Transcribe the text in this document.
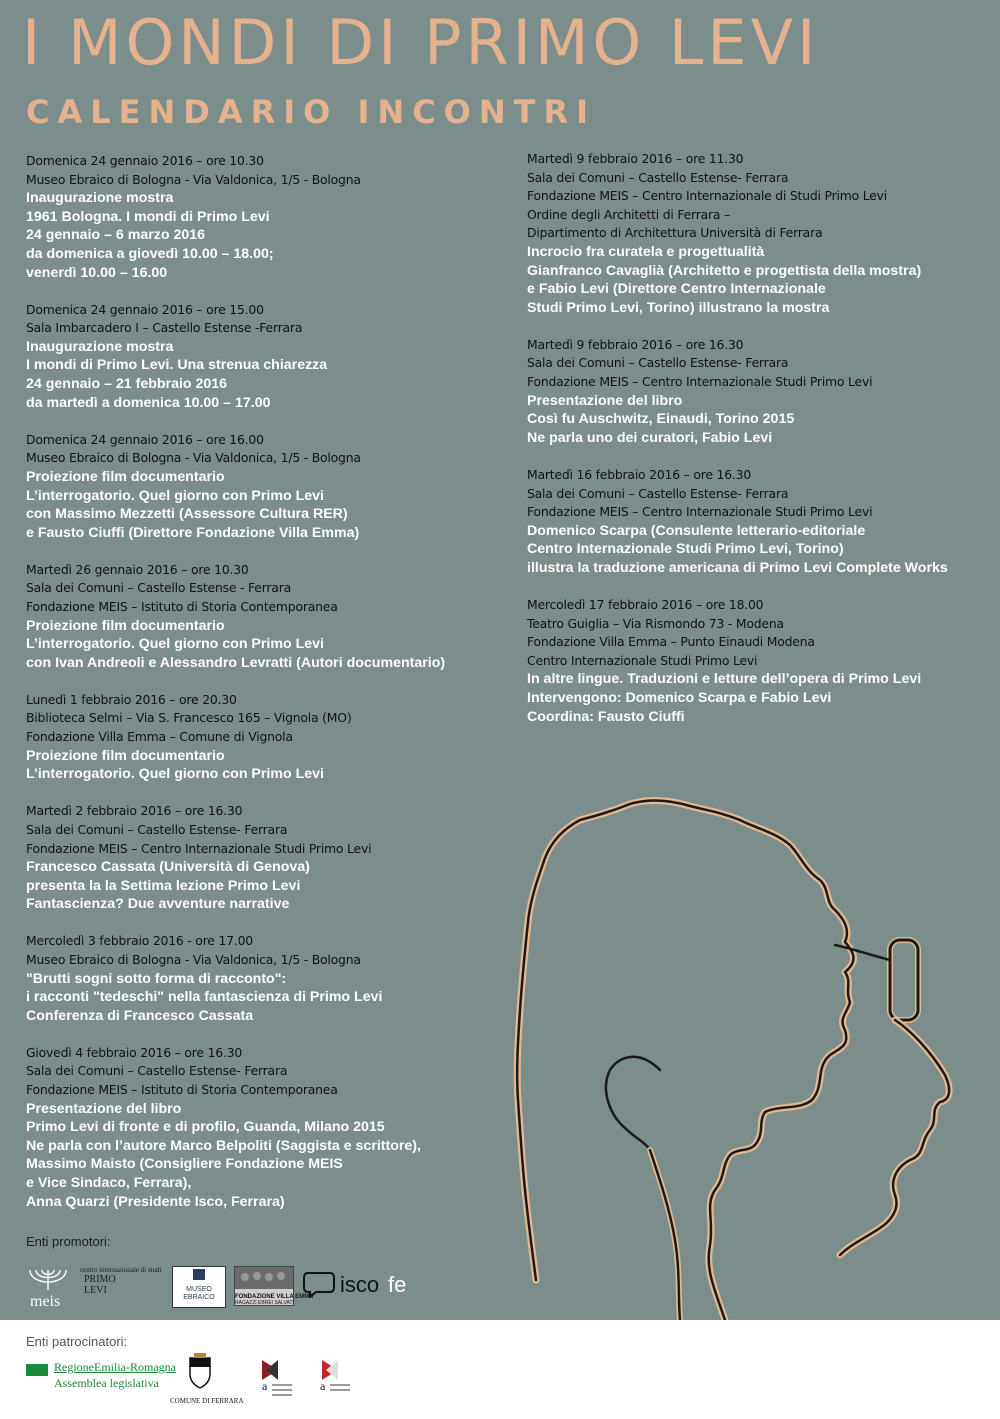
I MONDI DI PRIMO LEVI
CALENDARIO INCONTRI
Domenica 24 gennaio 2016 – ore 10.30
Museo Ebraico di Bologna - Via Valdonica, 1/5 - Bologna
Inaugurazione mostra
1961 Bologna. I mondi di Primo Levi
24 gennaio – 6 marzo 2016
da domenica a giovedì 10.00 – 18.00;
venerdì 10.00 – 16.00
Domenica 24 gennaio 2016 – ore 15.00
Sala Imbarcadero I – Castello Estense -Ferrara
Inaugurazione mostra
I mondi di Primo Levi. Una strenua chiarezza
24 gennaio – 21 febbraio 2016
da martedì a domenica 10.00 – 17.00
Domenica 24 gennaio 2016 – ore 16.00
Museo Ebraico di Bologna - Via Valdonica, 1/5 - Bologna
Proiezione film documentario
L’interrogatorio. Quel giorno con Primo Levi
con Massimo Mezzetti (Assessore Cultura RER)
e Fausto Ciuffi (Direttore Fondazione Villa Emma)
Martedì 26 gennaio 2016 – ore 10.30
Sala dei Comuni – Castello Estense - Ferrara
Fondazione MEIS – Istituto di Storia Contemporanea
Proiezione film documentario
L’interrogatorio. Quel giorno con Primo Levi
con Ivan Andreoli e Alessandro Levratti (Autori documentario)
Lunedì 1 febbraio 2016 – ore 20.30
Biblioteca Selmi – Via S. Francesco 165 – Vignola (MO)
Fondazione Villa Emma – Comune di Vignola
Proiezione film documentario
L’interrogatorio. Quel giorno con Primo Levi
Martedì 2 febbraio 2016 – ore 16.30
Sala dei Comuni – Castello Estense- Ferrara
Fondazione MEIS – Centro Internazionale Studi Primo Levi
Francesco Cassata (Università di Genova)
presenta la la Settima lezione Primo Levi
Fantascienza? Due avventure narrative
Mercoledì 3 febbraio 2016 - ore 17.00
Museo Ebraico di Bologna - Via Valdonica, 1/5 - Bologna
"Brutti sogni sotto forma di racconto":
i racconti "tedeschi" nella fantascienza di Primo Levi
Conferenza di Francesco Cassata
Giovedì 4 febbraio 2016 – ore 16.30
Sala dei Comuni – Castello Estense- Ferrara
Fondazione MEIS – Istituto di Storia Contemporanea
Presentazione del libro
Primo Levi di fronte e di profilo, Guanda, Milano 2015
Ne parla con l’autore Marco Belpoliti (Saggista e scrittore),
Massimo Maisto (Consigliere Fondazione MEIS
e Vice Sindaco, Ferrara),
Anna Quarzi (Presidente Isco, Ferrara)
Martedì 9 febbraio 2016 – ore 11.30
Sala dei Comuni – Castello Estense- Ferrara
Fondazione MEIS – Centro Internazionale di Studi Primo Levi
Ordine degli Architetti di Ferrara –
Dipartimento di Architettura Università di Ferrara
Incrocio fra curatela e progettualità
Gianfranco Cavaglià (Architetto e progettista della mostra)
e Fabio Levi (Direttore Centro Internazionale
Studi Primo Levi, Torino) illustrano la mostra
Martedì 9 febbraio 2016 – ore 16.30
Sala dei Comuni – Castello Estense- Ferrara
Fondazione MEIS – Centro Internazionale Studi Primo Levi
Presentazione del libro
Così fu Auschwitz, Einaudi, Torino 2015
Ne parla uno dei curatori, Fabio Levi
Martedì 16 febbraio 2016 – ore 16.30
Sala dei Comuni – Castello Estense- Ferrara
Fondazione MEIS – Centro Internazionale Studi Primo Levi
Domenico Scarpa (Consulente letterario-editoriale
Centro Internazionale Studi Primo Levi, Torino)
illustra la traduzione americana di Primo Levi Complete Works
Mercoledì 17 febbraio 2016 – ore 18.00
Teatro Guiglia – Via Rismondo 73 - Modena
Fondazione Villa Emma – Punto Einaudi Modena
Centro Internazionale Studi Primo Levi
In altre lingue. Traduzioni e letture dell’opera di Primo Levi
Intervengono: Domenico Scarpa e Fabio Levi
Coordina: Fausto Ciuffi
Enti promotori:
meis
centro internazionale di studi
PRIMO LEVI	MUSEO
EBRAICO	FONDAZIONE VILLA EMMA
RAGAZZI EBREI SALVATI
isco fe
Enti patrocinatori:
RegioneEmilia-Romagna
Assemblea legislativa
COMUNE DI FERRARA
a	a
